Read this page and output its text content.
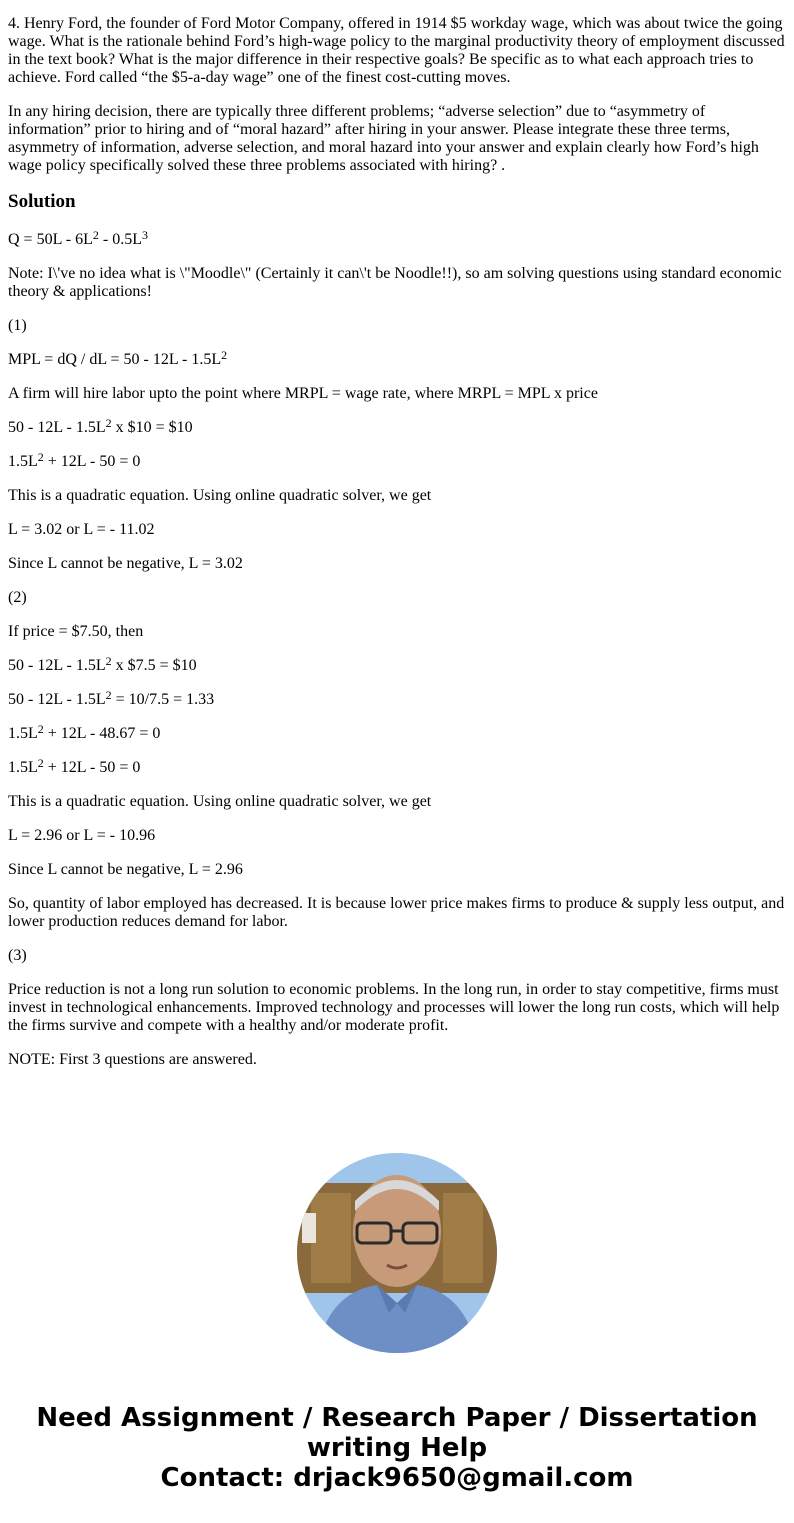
4. Henry Ford, the founder of Ford Motor Company, offered in 1914 $5 workday wage, which was about twice the going wage. What is the rationale behind Ford’s high-wage policy to the marginal productivity theory of employment discussed in the text book? What is the major difference in their respective goals? Be specific as to what each approach tries to achieve. Ford called “the $5-a-day wage” one of the finest cost-cutting moves.

In any hiring decision, there are typically three different problems; “adverse selection” due to “asymmetry of information” prior to hiring and of “moral hazard” after hiring in your answer. Please integrate these three terms, asymmetry of information, adverse selection, and moral hazard into your answer and explain clearly how Ford’s high wage policy specifically solved these three problems associated with hiring? .

Solution

$Q = 50L - 6L^2 - 0.5L^3$

Note: I\'ve no idea what is \"Moodle\" (Certainly it can\'t be Noodle!!), so am solving questions using standard economic theory & applications!

(1)

MPL = dQ / dL = $50 - 12L - 1.5L^2$

A firm will hire labor upto the point where MRPL = wage rate, where MRPL = MPL x price

$50 - 12L - 1.5L^2$ x $10 = $10

$1.5L^2 + 12L - 50 = 0$

This is a quadratic equation. Using online quadratic solver, we get

L = 3.02 or L = - 11.02

Since L cannot be negative, L = 3.02

(2)

If price = $7.50, then

$50 - 12L - 1.5L^2$ x $7.5 = $10

$50 - 12L - 1.5L^2 = 10/7.5 = 1.33$

$1.5L^2 + 12L - 48.67 = 0$

$1.5L^2 + 12L - 50 = 0$

This is a quadratic equation. Using online quadratic solver, we get

L = 2.96 or L = - 10.96

Since L cannot be negative, L = 2.96

So, quantity of labor employed has decreased. It is because lower price makes firms to produce & supply less output, and lower production reduces demand for labor.

(3)

Price reduction is not a long run solution to economic problems. In the long run, in order to stay competitive, firms must invest in technological enhancements. Improved technology and processes will lower the long run costs, which will help the firms survive and compete with a healthy and/or moderate profit.

NOTE: First 3 questions are answered.

Need Assignment / Research Paper / Dissertation
writing Help
Contact: drjack9650@gmail.com
